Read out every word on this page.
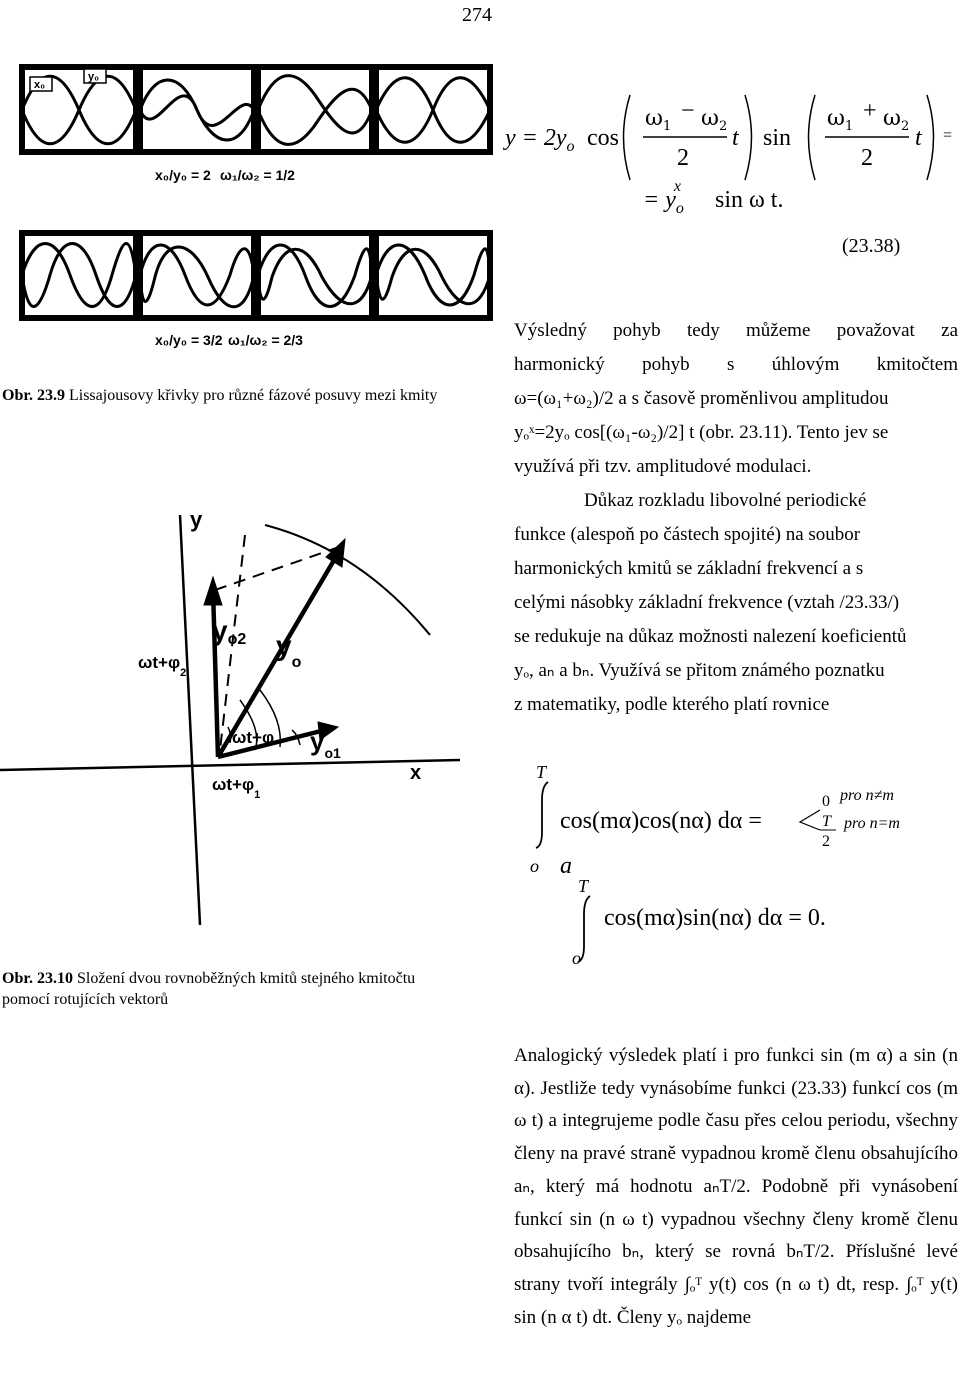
274
x₀
y₀
x₀/y₀ = 2 ω₁/ω₂ = 1/2
x₀/y₀ = 3/2 ω₁/ω₂ = 2/3
Obr. 23.9 Lissajousovy křivky pro různé fázové posuvy mezi kmity
y
x
yo2 $y_o$
$y_{o1}$
$\omega t+\varphi_2$
ωt+φ
$\omega t+\varphi_1$
Obr. 23.10 Složení dvou rovnoběžných kmitů stejného kmitočtu pomocí rotujících vektorů
$y = 2y_o$ cos
$\omega_1$
− $\omega_2$
2
t sin
$\omega_1$
+ $\omega_2$
2
t =
= $y_ox$
sin ω t.
(23.38)
Výsledný pohyb tedy můžeme považovat za
harmonický pohyb s úhlovým kmitočtem
ω=(ω₁+ω₂)/2 a s časově proměnlivou amplitudou
yₒˣ=2yₒ cos[(ω₁-ω₂)/2] t (obr. 23.11). Tento jev se
využívá při tzv. amplitudové modulaci.
Důkaz rozkladu libovolné periodické
funkce (alespoň po částech spojité) na soubor
harmonických kmitů se základní frekvencí a s
celými násobky základní frekvence (vztah /23.33/)
se redukuje na důkaz možnosti nalezení koeficientů
yₒ, aₙ a bₙ. Využívá se přitom známého poznatku
z matematiky, podle kterého platí rovnice
T
o
cos(mα)cos(nα) dα =
0 pro n≠m
T
2
pro n=m
a
T
o
cos(mα)sin(nα) dα = 0.
Analogický výsledek platí i pro funkci sin (m α) a sin (n α). Jestliže tedy vynásobíme funkci (23.33) funkcí cos (m ω t) a integrujeme podle času přes celou periodu, všechny členy na pravé straně vypadnou kromě členu obsahujícího aₙ, který má hodnotu aₙT/2. Podobně při vynásobení funkcí sin (n ω t) vypadnou všechny členy kromě členu obsahujícího bₙ, který se rovná bₙT/2. Příslušné levé strany tvoří integrály ∫ₒᵀ y(t) cos (n ω t) dt, resp. ∫ₒᵀ y(t) sin (n α t) dt. Členy yₒ najdeme
